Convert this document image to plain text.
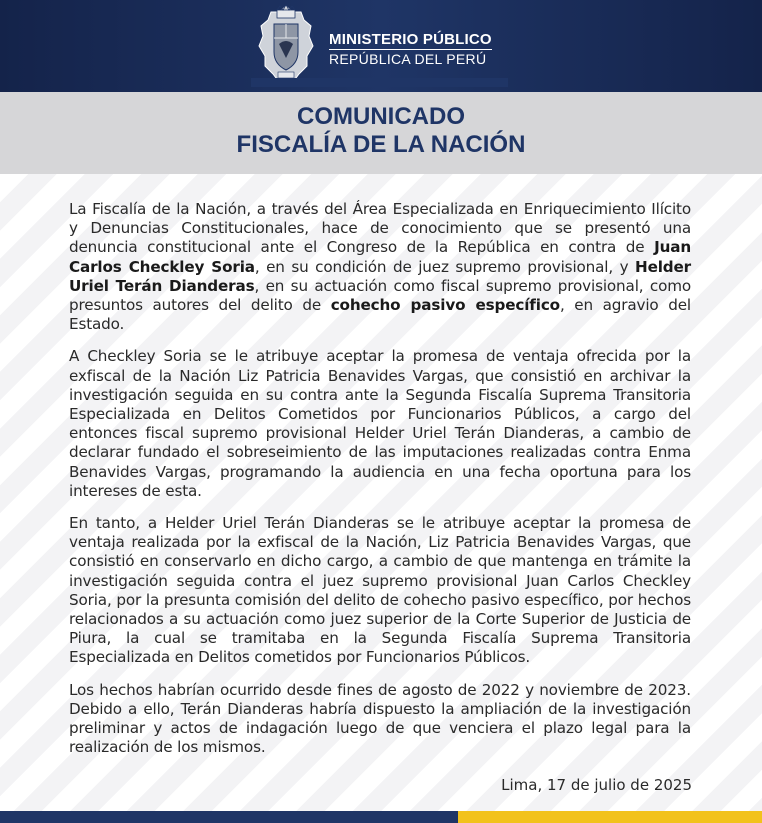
MINISTERIO PÚBLICO
REPÚBLICA DEL PERÚ
COMUNICADO
FISCALÍA DE LA NACIÓN

La Fiscalía de la Nación, a través del Área Especializada en Enriquecimiento Ilícito y Denuncias Constitucionales, hace de conocimiento que se presentó una denuncia constitucional ante el Congreso de la República en contra de Juan Carlos Checkley Soria, en su condición de juez supremo provisional, y Helder Uriel Terán Dianderas, en su actuación como fiscal supremo provisional, como presuntos autores del delito de cohecho pasivo específico, en agravio del Estado.

A Checkley Soria se le atribuye aceptar la promesa de ventaja ofrecida por la exfiscal de la Nación Liz Patricia Benavides Vargas, que consistió en archivar la investigación seguida en su contra ante la Segunda Fiscalía Suprema Transitoria Especializada en Delitos Cometidos por Funcionarios Públicos, a cargo del entonces fiscal supremo provisional Helder Uriel Terán Dianderas, a cambio de declarar fundado el sobreseimiento de las imputaciones realizadas contra Enma Benavides Vargas, programando la audiencia en una fecha oportuna para los intereses de esta.

En tanto, a Helder Uriel Terán Dianderas se le atribuye aceptar la promesa de ventaja realizada por la exfiscal de la Nación, Liz Patricia Benavides Vargas, que consistió en conservarlo en dicho cargo, a cambio de que mantenga en trámite la investigación seguida contra el juez supremo provisional Juan Carlos Checkley Soria, por la presunta comisión del delito de cohecho pasivo específico, por hechos relacionados a su actuación como juez superior de la Corte Superior de Justicia de Piura, la cual se tramitaba en la Segunda Fiscalía Suprema Transitoria Especializada en Delitos cometidos por Funcionarios Públicos.

Los hechos habrían ocurrido desde fines de agosto de 2022 y noviembre de 2023. Debido a ello, Terán Dianderas habría dispuesto la ampliación de la investigación preliminar y actos de indagación luego de que venciera el plazo legal para la realización de los mismos.

Lima, 17 de julio de 2025
